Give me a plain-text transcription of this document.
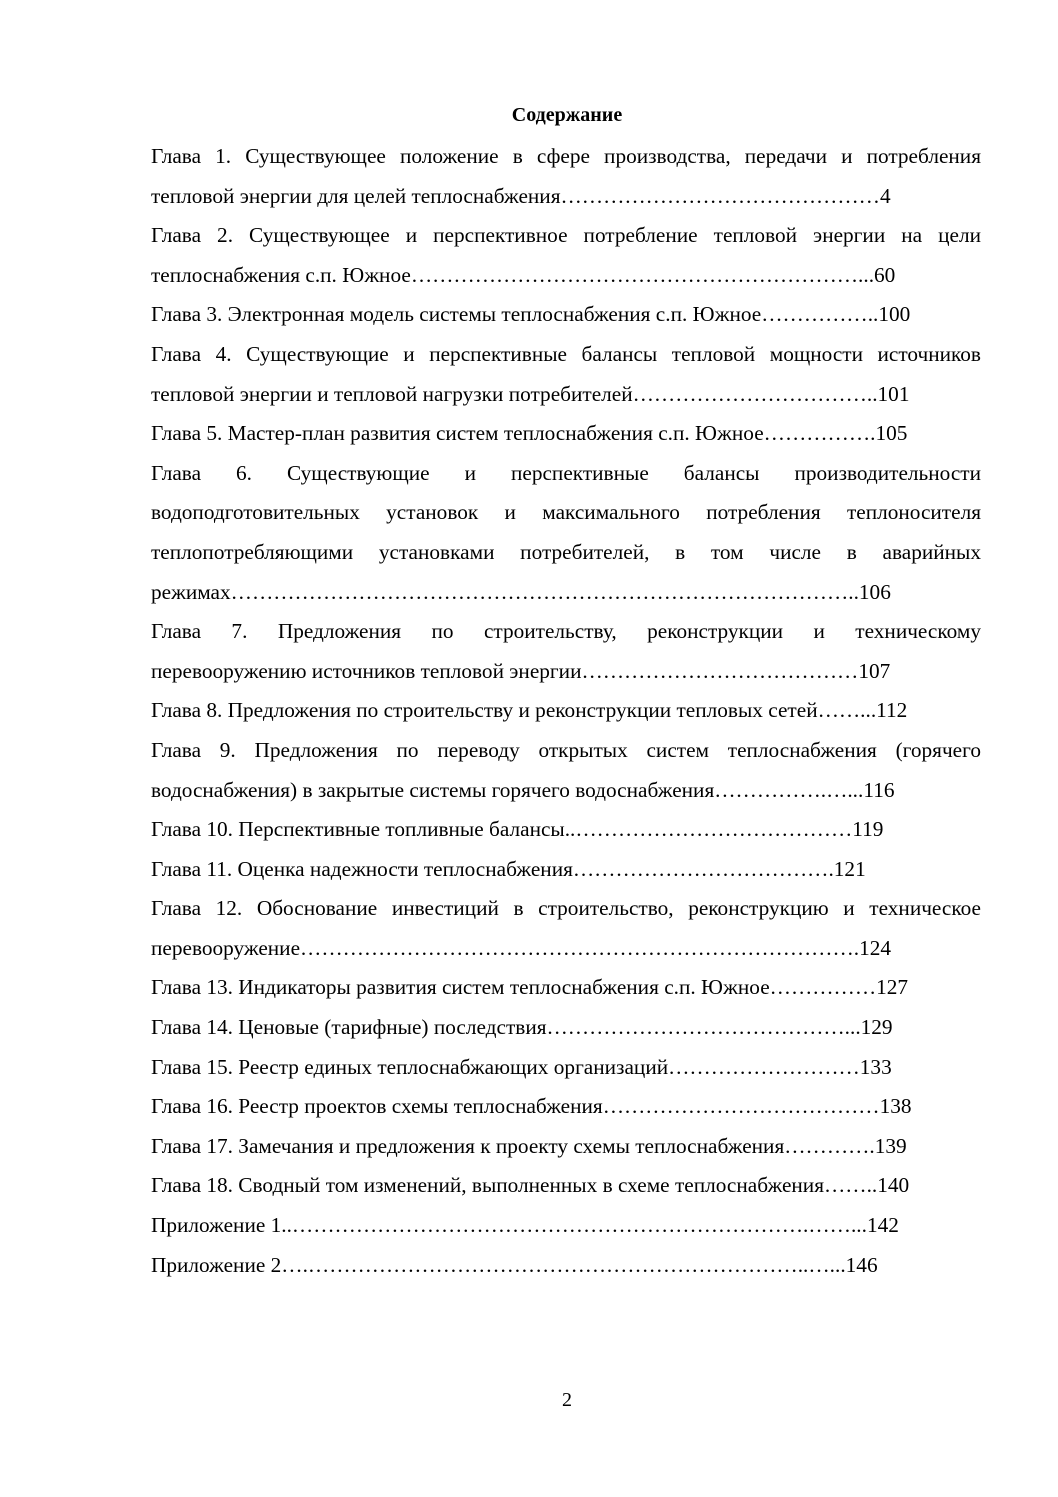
Содержание
Глава 1. Существующее положение в сфере производства, передачи и потребления
тепловой энергии для целей теплоснабжения………………………………………4
Глава 2. Существующее и перспективное потребление тепловой энергии на цели
теплоснабжения с.п. Южное………………………………………………………...60
Глава 3. Электронная модель системы теплоснабжения с.п. Южное……………..100
Глава 4. Существующие и перспективные балансы тепловой мощности источников
тепловой энергии и тепловой нагрузки потребителей……………………………..101
Глава 5. Мастер-план развития систем теплоснабжения с.п. Южное…………….105
Глава 6. Существующие и перспективные балансы производительности
водоподготовительных установок и максимального потребления теплоносителя
теплопотребляющими установками потребителей, в том числе в аварийных
режимах……………………………………………………………………………..106
Глава 7. Предложения по строительству, реконструкции и техническому
перевооружению источников тепловой энергии…………………………………107
Глава 8. Предложения по строительству и реконструкции тепловых сетей……...112
Глава 9. Предложения по переводу открытых систем теплоснабжения (горячего
водоснабжения) в закрытые системы горячего водоснабжения…………….…...116
Глава 10. Перспективные топливные балансы..…………………………………119
Глава 11. Оценка надежности теплоснабжения……………………………….121
Глава 12. Обоснование инвестиций в строительство, реконструкцию и техническое
перевооружение…………………………………………………………………….124
Глава 13. Индикаторы развития систем теплоснабжения с.п. Южное……………127
Глава 14. Ценовые (тарифные) последствия……………………………………...129
Глава 15. Реестр единых теплоснабжающих организаций………………………133
Глава 16. Реестр проектов схемы теплоснабжения…………………………………138
Глава 17. Замечания и предложения к проекту схемы теплоснабжения………….139
Глава 18. Сводный том изменений, выполненных в схеме теплоснабжения……..140
Приложение 1..……………………………………………………………….……...142
Приложение 2….……………………………………………………………..…...146
2
